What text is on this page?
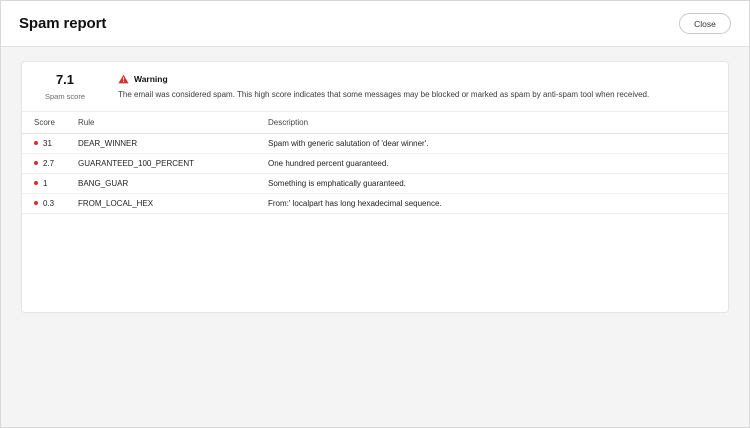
Spam report	Close
7.1
Spam score
Warning
The email was considered spam. This high score indicates that some messages may be blocked or marked as spam by anti-spam tool when received.
Score	Rule	Description
31	DEAR_WINNER	Spam with generic salutation of 'dear winner'.
2.7	GUARANTEED_100_PERCENT	One hundred percent guaranteed.
1	BANG_GUAR	Something is emphatically guaranteed.
0.3	FROM_LOCAL_HEX	From:' localpart has long hexadecimal sequence.
